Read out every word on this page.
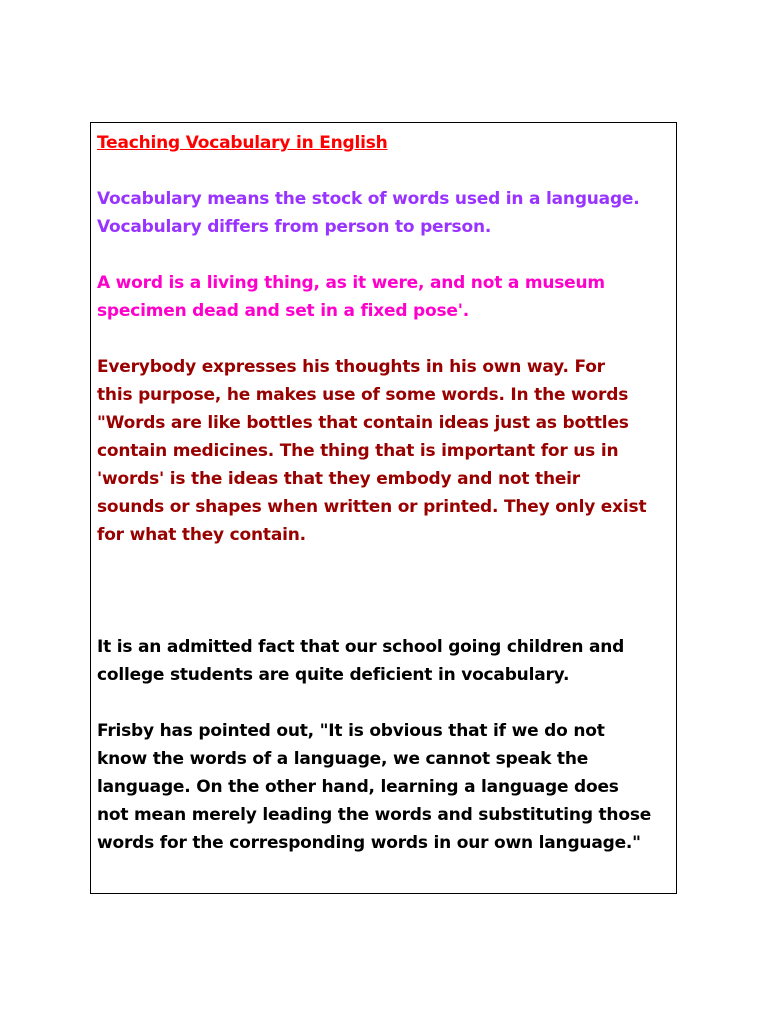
Teaching Vocabulary in English

Vocabulary means the stock of words used in a language.
Vocabulary differs from person to person.

A word is a living thing, as it were, and not a museum
specimen dead and set in a fixed pose'.

Everybody expresses his thoughts in his own way. For
this purpose, he makes use of some words. In the words
"Words are like bottles that contain ideas just as bottles
contain medicines. The thing that is important for us in
'words' is the ideas that they embody and not their
sounds or shapes when written or printed. They only exist
for what they contain.

It is an admitted fact that our school going children and
college students are quite deficient in vocabulary.

Frisby has pointed out, "It is obvious that if we do not
know the words of a language, we cannot speak the
language. On the other hand, learning a language does
not mean merely leading the words and substituting those
words for the corresponding words in our own language."
